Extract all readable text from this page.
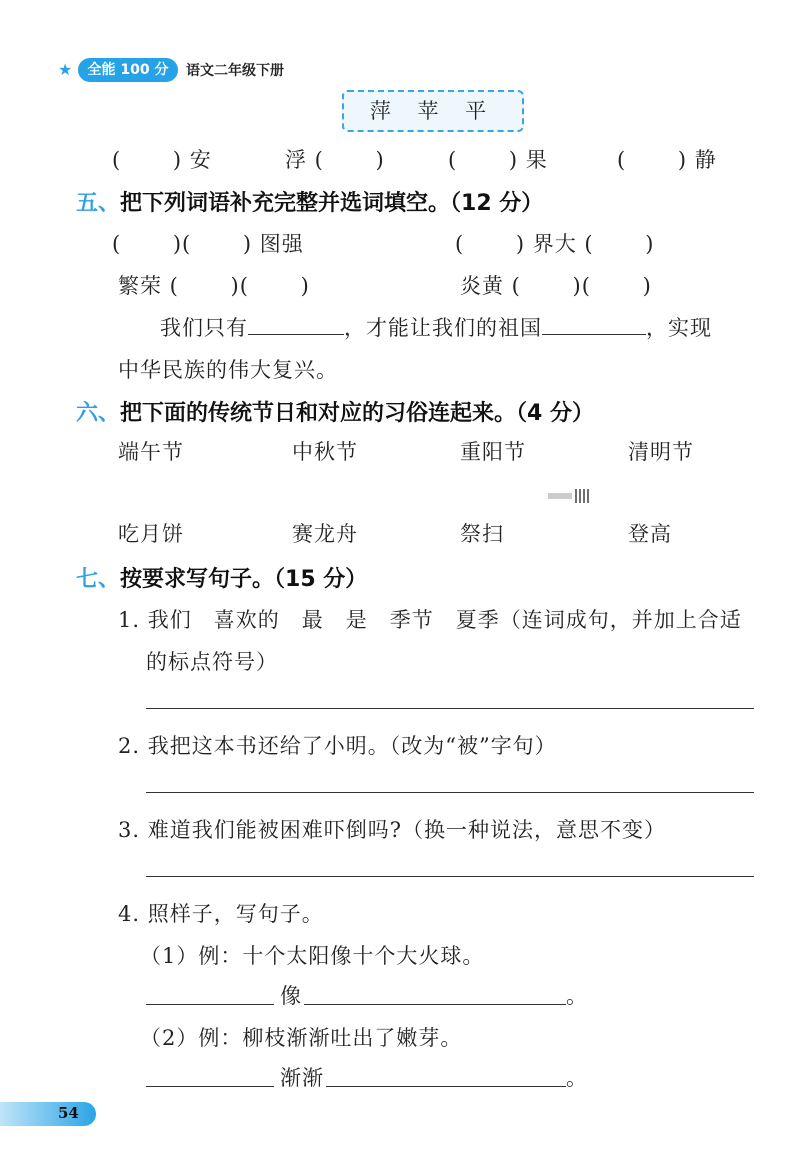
★	全能 100 分	语文二年级下册
萍 苹 平
(　　 ) 安	浮 (　　 )	(　　 ) 果	(　　 ) 静
五、把下列词语补充完整并选词填空。（12 分）
(　　 )(　　 ) 图强	(　　 ) 界大 (　　 )
繁荣 (　　 )(　　 )	炎黄 (　　 )(　　 )
我们只有	，才能让我们的祖国	，实现
中华民族的伟大复兴。
六、把下面的传统节日和对应的习俗连起来。（4 分）
端午节	中秋节	重阳节	清明节
吃月饼	赛龙舟	祭扫	登高
七、按要求写句子。（15 分）
1. 我们　喜欢的　最　是　季节　夏季（连词成句，并加上合适
的标点符号）
2. 我把这本书还给了小明。（改为“被”字句）
3. 难道我们能被困难吓倒吗?（换一种说法，意思不变）
4. 照样子，写句子。
（1）例：十个太阳像十个大火球。
像	。
（2）例：柳枝渐渐吐出了嫩芽。
渐渐	。
54
